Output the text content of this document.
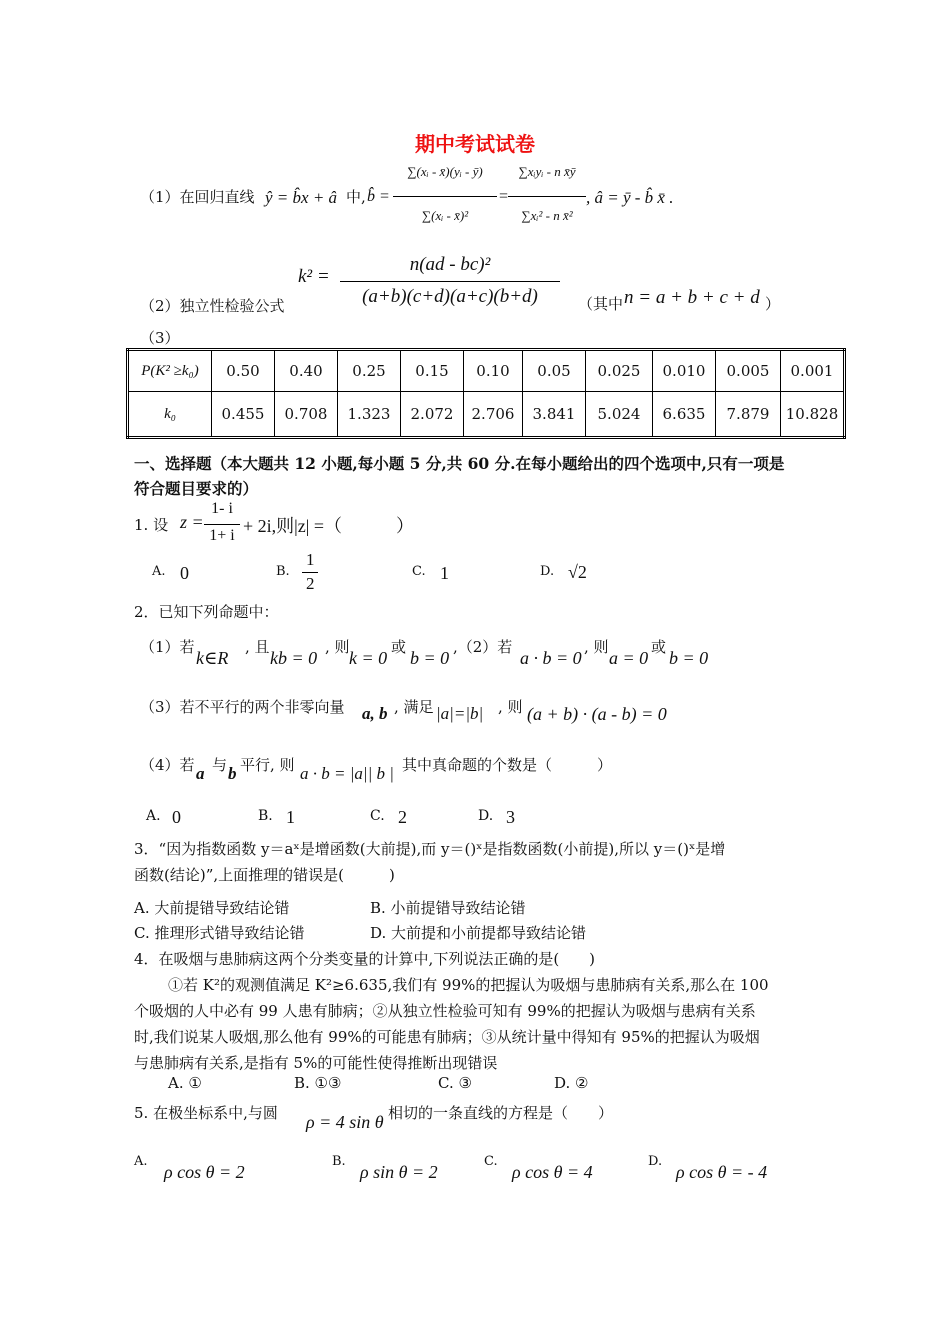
期中考试试卷
（1）在回归直线 ŷ = b̂x + â 中, b̂ =
∑(xᵢ - x̄)(yᵢ - ȳ)
∑(xᵢ - x̄)²
=
∑xᵢyᵢ - n x̄ȳ
∑xᵢ² - n x̄²
, â = ȳ - b̂ x̄ .
k² =
n(ad - bc)²
(a+b)(c+d)(a+c)(b+d)
（2）独立性检验公式	（其中 n = a + b + c + d ）
（3）
P(K² ≥k₀)	0.50	0.40	0.25	0.15	0.10	0.05	0.025	0.010	0.005	0.001
k₀	0.455	0.708	1.323	2.072	2.706	3.841	5.024	6.635	7.879	10.828
一、选择题（本大题共 12 小题,每小题 5 分,共 60 分.在每小题给出的四个选项中,只有一项是
符合题目要求的）
1. 设 z =
1- i
1+ i + 2i,则|z| =（　　　）
A. 0	B.
1
2
C. 1	D. √2
2．已知下列命题中：
（1）若
k∈R
, 且
kb = 0
, 则
k = 0
或
b = 0
,（2）若
a · b = 0
, 则
a = 0
或
b = 0
（3）若不平行的两个非零向量 a, b , 满足 |a|=|b| , 则 (a + b) · (a - b) = 0
（4）若 a 与 b 平行, 则 a · b = |a|| b | 其中真命题的个数是（　　　）
A. 0	B. 1	C. 2	D. 3
3．“因为指数函数 y＝aˣ是增函数(大前提),而 y＝()ˣ是指数函数(小前提),所以 y＝()ˣ是增
函数(结论)”,上面推理的错误是(　　　)
A. 大前提错导致结论错	B. 小前提错导致结论错
C. 推理形式错导致结论错	D. 大前提和小前提都导致结论错
4．在吸烟与患肺病这两个分类变量的计算中,下列说法正确的是(　　)
①若 K²的观测值满足 K²≥6.635,我们有 99%的把握认为吸烟与患肺病有关系,那么在 100
个吸烟的人中必有 99 人患有肺病；②从独立性检验可知有 99%的把握认为吸烟与患病有关系
时,我们说某人吸烟,那么他有 99%的可能患有肺病；③从统计量中得知有 95%的把握认为吸烟
与患肺病有关系,是指有 5%的可能性使得推断出现错误
A. ①	B. ①③	C. ③	D. ②
5. 在极坐标系中,与圆 ρ = 4 sin θ 相切的一条直线的方程是（　　）
A.
ρ cos θ = 2
B.
ρ sin θ = 2
C.
ρ cos θ = 4
D.
ρ cos θ = - 4
